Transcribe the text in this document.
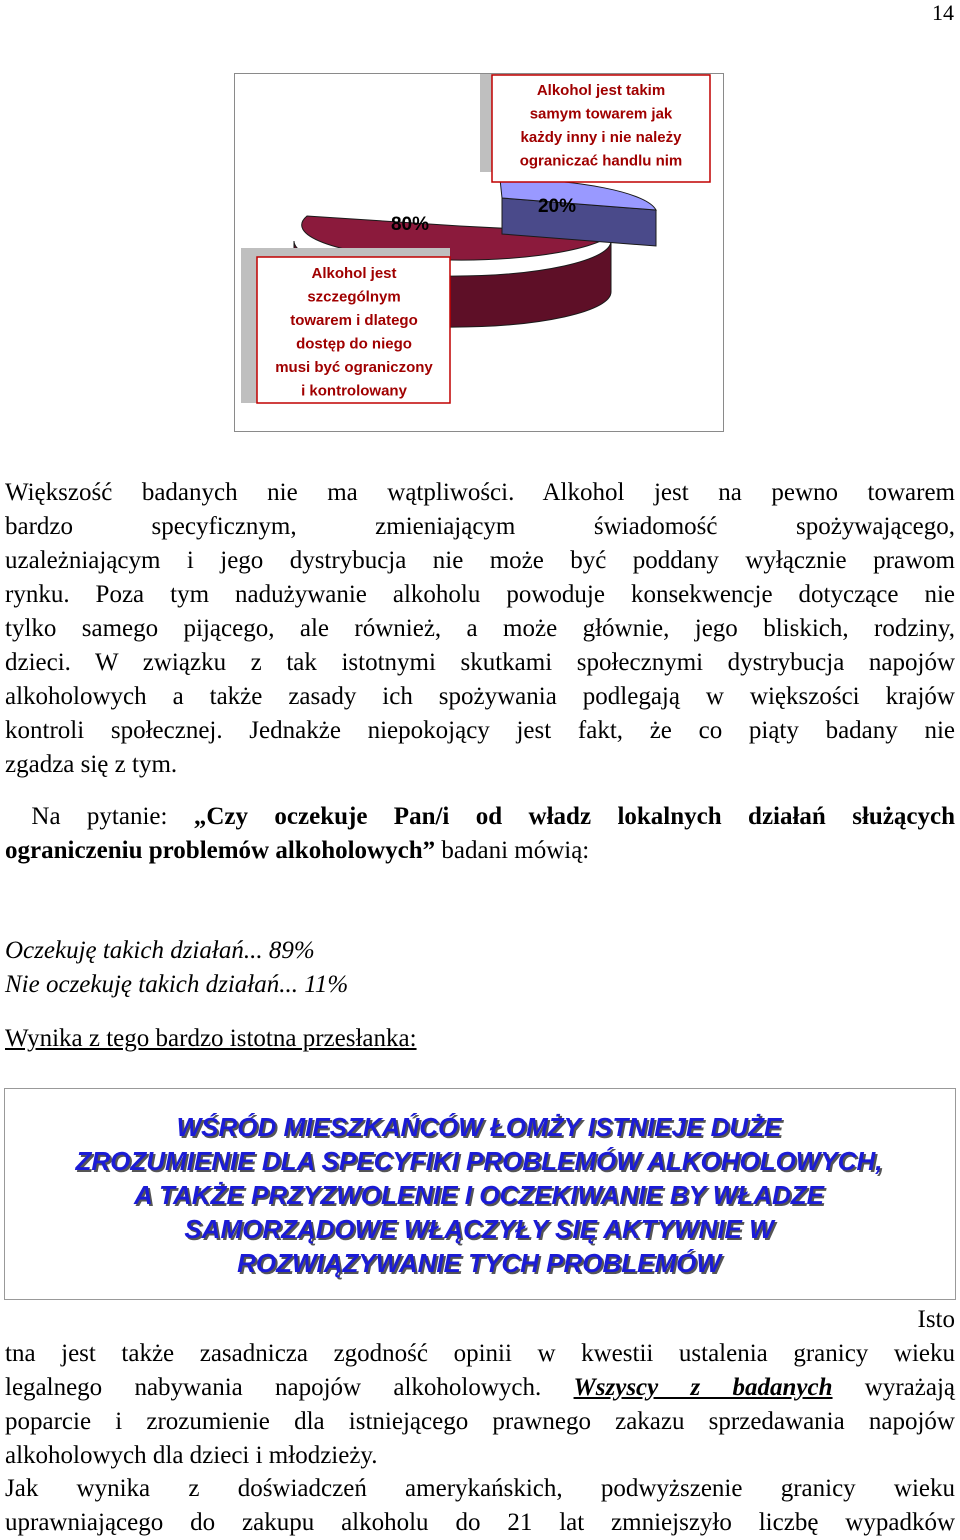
14
80%
20%
Alkohol jest
szczególnym
towarem i dlatego
dostęp do niego
musi być ograniczony
i kontrolowany
Alkohol jest takim
samym towarem jak
każdy inny i nie należy
ograniczać handlu nim
Większość badanych nie ma wątpliwości. Alkohol jest na pewno towarem
bardzo specyficznym, zmieniającym świadomość spożywającego,
uzależniającym i jego dystrybucja nie może być poddany wyłącznie prawom
rynku. Poza tym nadużywanie alkoholu powoduje konsekwencje dotyczące nie
tylko samego pijącego, ale również, a może głównie, jego bliskich, rodziny,
dzieci. W związku z tak istotnymi skutkami społecznymi dystrybucja napojów
alkoholowych a także zasady ich spożywania podlegają w większości krajów
kontroli społecznej. Jednakże niepokojący jest fakt, że co piąty badany nie
zgadza się z tym.
Na pytanie: „Czy oczekuje Pan/i od władz lokalnych działań służących
ograniczeniu problemów alkoholowych” badani mówią:
Oczekuję takich działań... 89%
Nie oczekuję takich działań... 11%
Wynika z tego bardzo istotna przesłanka:
WŚRÓD MIESZKAŃCÓW ŁOMŻY ISTNIEJE DUŻE
ZROZUMIENIE DLA SPECYFIKI PROBLEMÓW ALKOHOLOWYCH,
A TAKŻE PRZYZWOLENIE I OCZEKIWANIE BY WŁADZE
SAMORZĄDOWE WŁĄCZYŁY SIĘ AKTYWNIE W
ROZWIĄZYWANIE TYCH PROBLEMÓW
Isto
tna jest także zasadnicza zgodność opinii w kwestii ustalenia granicy wieku
legalnego nabywania napojów alkoholowych. Wszyscy z badanych wyrażają
poparcie i zrozumienie dla istniejącego prawnego zakazu sprzedawania napojów
alkoholowych dla dzieci i młodzieży.
Jak wynika z doświadczeń amerykańskich, podwyższenie granicy wieku
uprawniającego do zakupu alkoholu do 21 lat zmniejszyło liczbę wypadków
